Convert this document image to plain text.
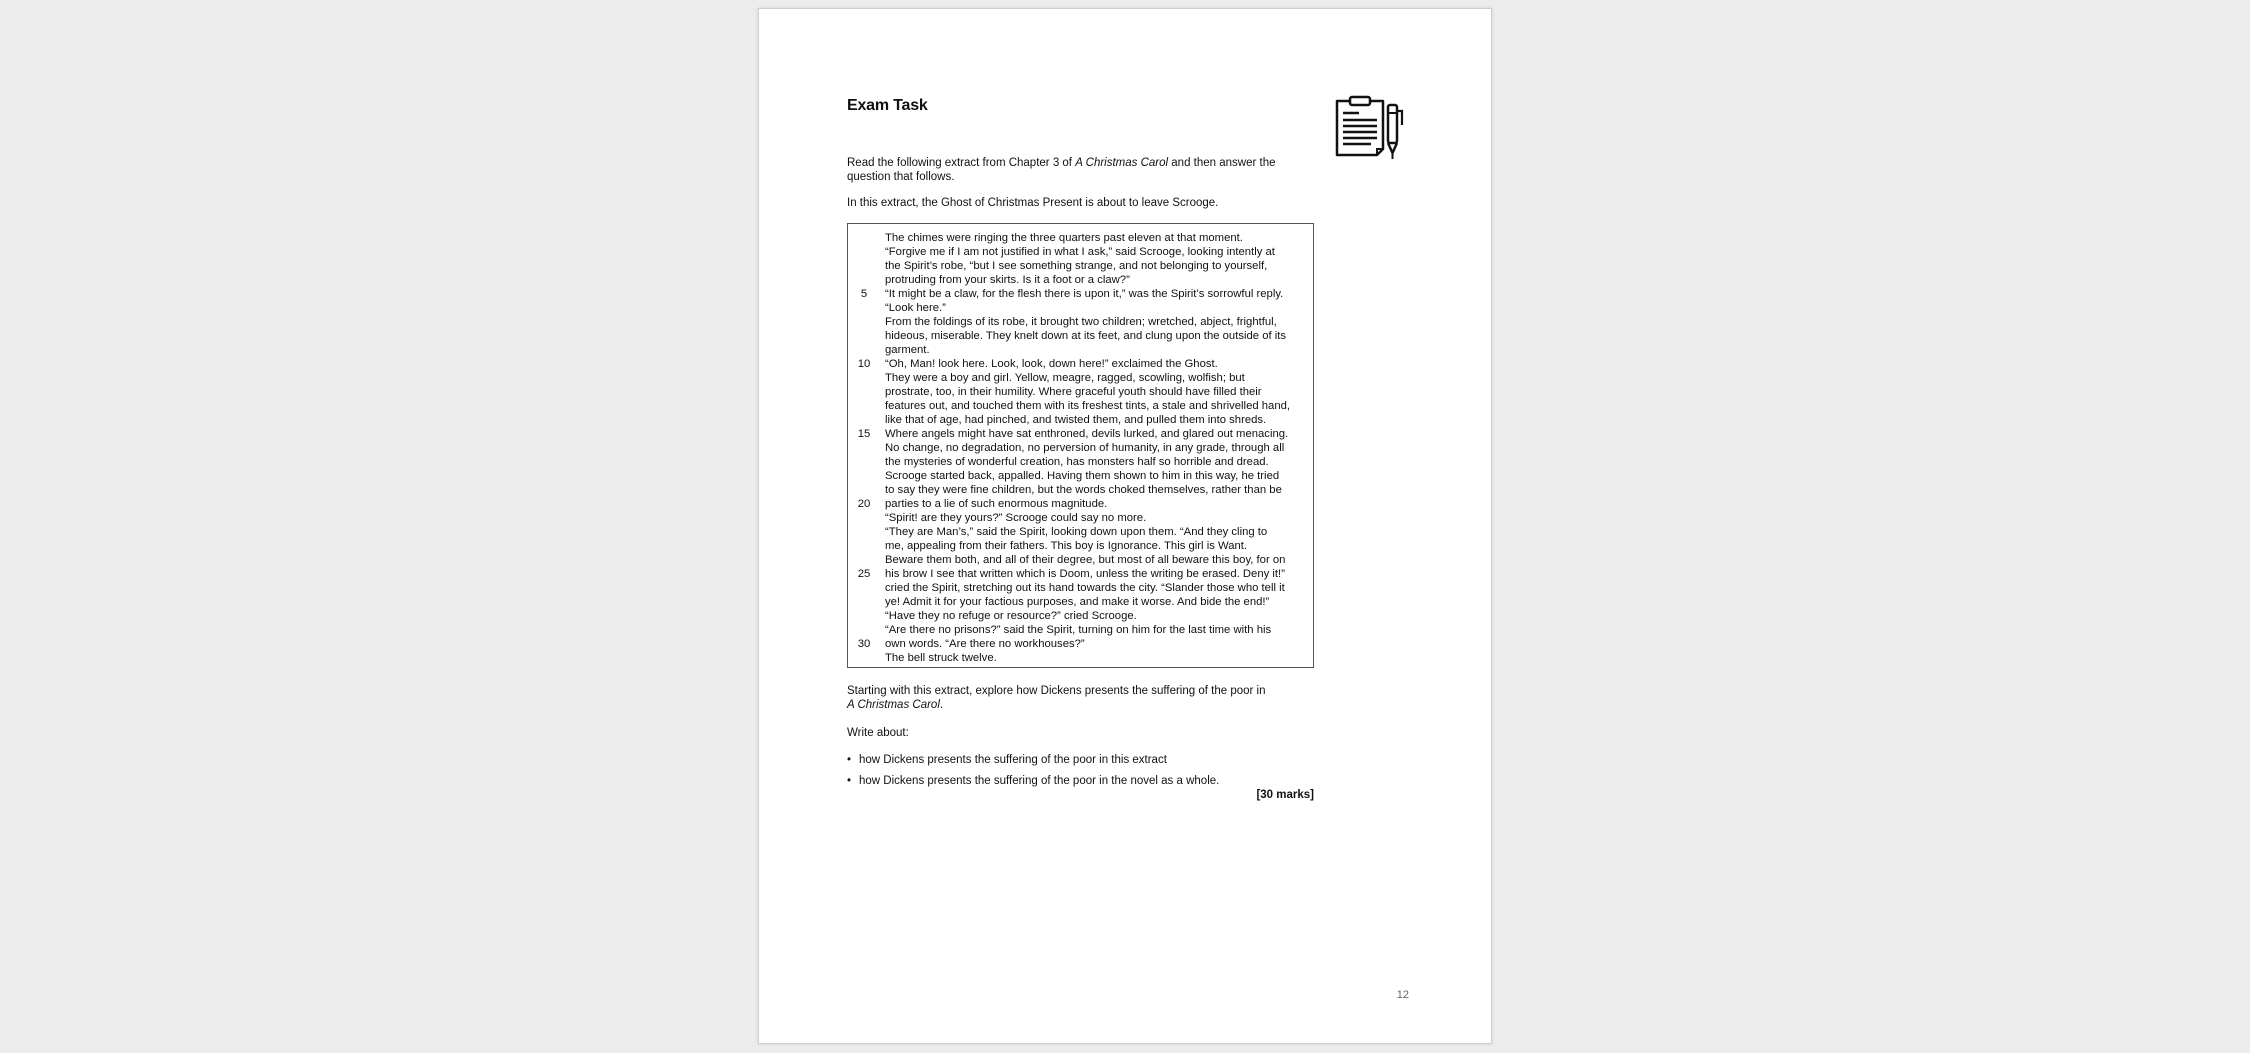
Exam Task
Read the following extract from Chapter 3 of A Christmas Carol and then answer the question that follows.
In this extract, the Ghost of Christmas Present is about to leave Scrooge.
The chimes were ringing the three quarters past eleven at that moment.
“Forgive me if I am not justified in what I ask,” said Scrooge, looking intently at
the Spirit’s robe, “but I see something strange, and not belonging to yourself,
protruding from your skirts. Is it a foot or a claw?”
5	“It might be a claw, for the flesh there is upon it,” was the Spirit’s sorrowful reply.
“Look here.”
From the foldings of its robe, it brought two children; wretched, abject, frightful,
hideous, miserable. They knelt down at its feet, and clung upon the outside of its
garment.
10	“Oh, Man! look here. Look, look, down here!” exclaimed the Ghost.
They were a boy and girl. Yellow, meagre, ragged, scowling, wolfish; but
prostrate, too, in their humility. Where graceful youth should have filled their
features out, and touched them with its freshest tints, a stale and shrivelled hand,
like that of age, had pinched, and twisted them, and pulled them into shreds.
15	Where angels might have sat enthroned, devils lurked, and glared out menacing.
No change, no degradation, no perversion of humanity, in any grade, through all
the mysteries of wonderful creation, has monsters half so horrible and dread.
Scrooge started back, appalled. Having them shown to him in this way, he tried
to say they were fine children, but the words choked themselves, rather than be
20	parties to a lie of such enormous magnitude.
“Spirit! are they yours?” Scrooge could say no more.
“They are Man’s,” said the Spirit, looking down upon them. “And they cling to
me, appealing from their fathers. This boy is Ignorance. This girl is Want.
Beware them both, and all of their degree, but most of all beware this boy, for on
25	his brow I see that written which is Doom, unless the writing be erased. Deny it!”
cried the Spirit, stretching out its hand towards the city. “Slander those who tell it
ye! Admit it for your factious purposes, and make it worse. And bide the end!”
“Have they no refuge or resource?” cried Scrooge.
“Are there no prisons?” said the Spirit, turning on him for the last time with his
30	own words. “Are there no workhouses?”
The bell struck twelve.
Starting with this extract, explore how Dickens presents the suffering of the poor in
A Christmas Carol.
Write about:
• how Dickens presents the suffering of the poor in this extract
• how Dickens presents the suffering of the poor in the novel as a whole.
[30 marks]
12
